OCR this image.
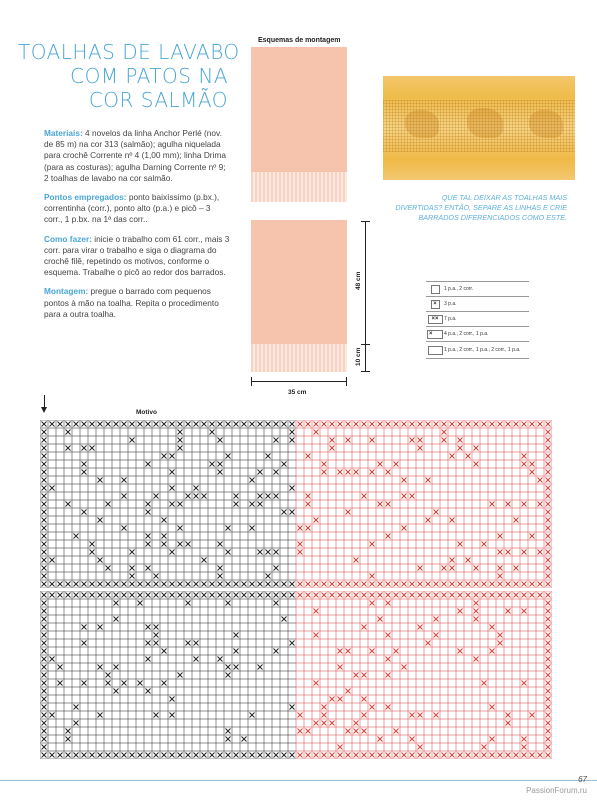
TOALHAS DE LAVABO
COM PATOS NA
COR SALMÃO

Materiais: 4 novelos da linha Anchor Perlé (nov. de 85 m) na cor 313 (salmão); agulha niquelada para crochê Corrente nº 4 (1,00 mm); linha Drima (para as costuras); agulha Darning Corrente nº 9; 2 toalhas de lavabo na cor salmão.

Pontos empregados: ponto baixíssimo (p.bx.), correntinha (corr.), ponto alto (p.a.) e picô – 3 corr., 1 p.bx. na 1ª das corr..

Como fazer: inicie o trabalho com 61 corr., mais 3 corr. para virar o trabalho e siga o diagrama do crochê filê, repetindo os motivos, conforme o esquema. Trabalhe o picô ao redor dos barrados.

Montagem: pregue o barrado com pequenos pontos à mão na toalha. Repita o procedimento para a outra toalha.

Esquemas de montagem
48 cm
10 cm
35 cm
QUE TAL DEIXAR AS TOALHAS MAIS DIVERTIDAS? ENTÃO, SEPARE AS LINHAS E CRIE BARRADOS DIFERENCIADOS COMO ESTE.
1 p.a., 2 corr.
×	3 p.a.
××	7 p.a.
×	4 p.a., 2 corr., 1 p.a.
1 p.a., 2 corr., 1 p.a., 2 corr., 1 p.a.
Motivo
67
PassionForum.ru
